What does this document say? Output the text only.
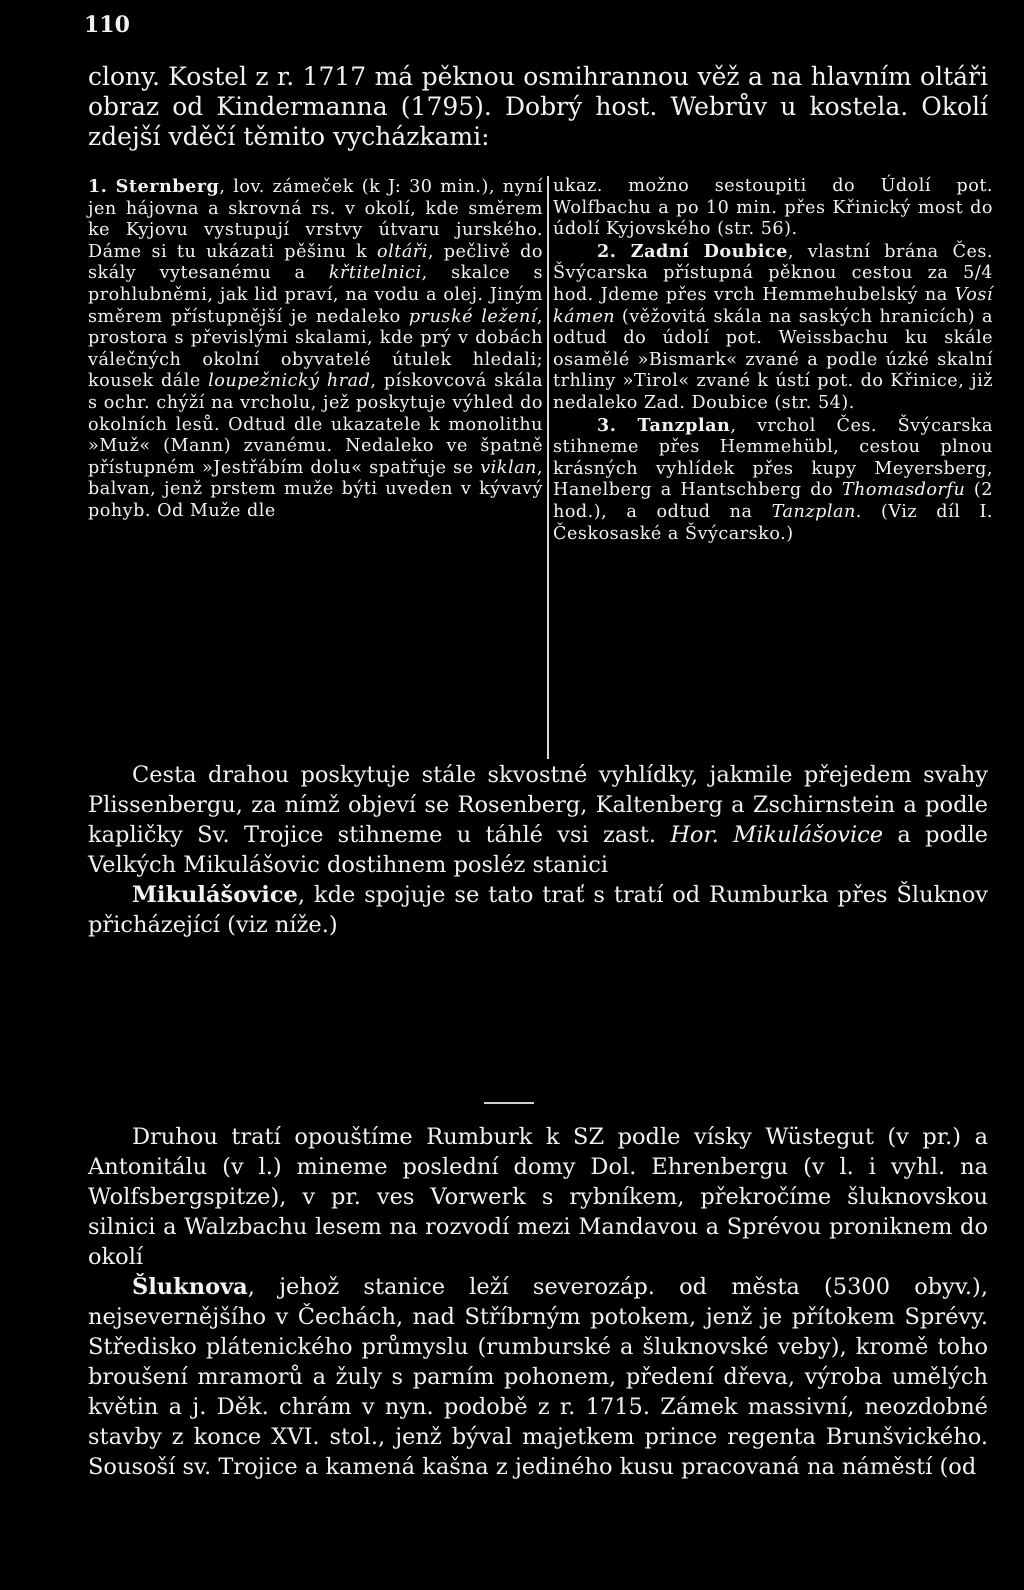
110

clony. Kostel z r. 1717 má pěknou osmihrannou věž a na hlavním oltáři obraz od Kindermanna (1795). Dobrý host. Webrův u kostela. Okolí zdejší vděčí těmito vycházkami:

1. Sternberg, lov. zámeček (k J: 30 min.), nyní jen hájovna a skrovná rs. v okolí, kde směrem ke Kyjovu vystupují vrstvy útvaru jurského. Dáme si tu ukázati pěšinu k oltáři, pečlivě do skály vytesanému a křtitelnici, skalce s prohlubněmi, jak lid praví, na vodu a olej. Jiným směrem přístupnější je nedaleko pruské ležení, prostora s převislými skalami, kde prý v dobách válečných okolní obyvatelé útulek hledali; kousek dále loupežnický hrad, pískovcová skála s ochr. chýží na vrcholu, jež poskytuje výhled do okolních lesů. Odtud dle ukazatele k monolithu »Muž« (Mann) zvanému. Nedaleko ve špatně přístupném »Jestřábím dolu« spatřuje se viklan, balvan, jenž prstem muže býti uveden v kývavý pohyb. Od Muže dle

ukaz. možno sestoupiti do Údolí pot. Wolfbachu a po 10 min. přes Křinický most do údolí Kyjovského (str. 56).

2. Zadní Doubice, vlastní brána Čes. Švýcarska přístupná pěknou cestou za 5/4 hod. Jdeme přes vrch Hemmehubelský na Vosí kámen (věžovitá skála na saských hranicích) a odtud do údolí pot. Weissbachu ku skále osamělé »Bismark« zvané a podle úzké skalní trhliny »Tirol« zvané k ústí pot. do Křinice, již nedaleko Zad. Doubice (str. 54).

3. Tanzplan, vrchol Čes. Švýcarska stihneme přes Hemmehübl, cestou plnou krásných vyhlídek přes kupy Meyersberg, Hanelberg a Hantschberg do Thomasdorfu (2 hod.), a odtud na Tanzplan. (Viz díl I. Českosaské a Švýcarsko.)

Cesta drahou poskytuje stále skvostné vyhlídky, jakmile přejedem svahy Plissenbergu, za nímž objeví se Rosenberg, Kaltenberg a Zschirnstein a podle kapličky Sv. Trojice stihneme u táhlé vsi zast. Hor. Mikulášovice a podle Velkých Mikulášovic dostihnem posléz stanici

Mikulášovice, kde spojuje se tato trať s tratí od Rumburka přes Šluknov přicházející (viz níže.)

Druhou tratí opouštíme Rumburk k SZ podle vísky Wüstegut (v pr.) a Antonitálu (v l.) mineme poslední domy Dol. Ehrenbergu (v l. i vyhl. na Wolfsbergspitze), v pr. ves Vorwerk s rybníkem, překročíme šluknovskou silnici a Walzbachu lesem na rozvodí mezi Mandavou a Sprévou proniknem do okolí

Šluknova, jehož stanice leží severozáp. od města (5300 obyv.), nejsevernějšího v Čechách, nad Stříbrným potokem, jenž je přítokem Sprévy. Středisko plátenického průmyslu (rumburské a šluknovské veby), kromě toho broušení mramorů a žuly s parním pohonem, předení dřeva, výroba umělých květin a j. Děk. chrám v nyn. podobě z r. 1715. Zámek massivní, neozdobné stavby z konce XVI. stol., jenž býval majetkem prince regenta Brunšvického. Sousoší sv. Trojice a kamená kašna z jediného kusu pracovaná na náměstí (od
